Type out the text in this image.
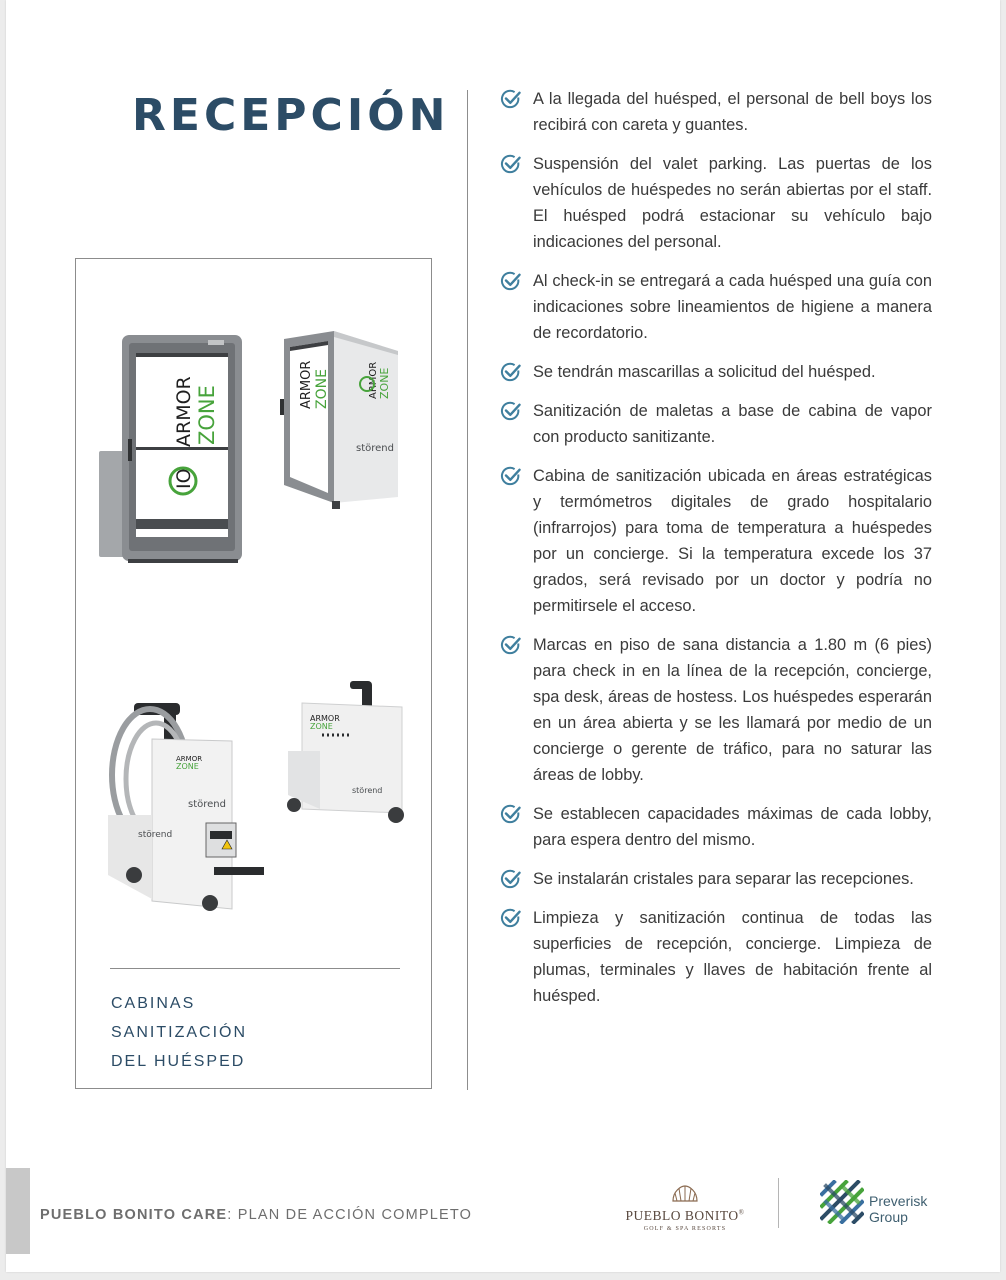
RECEPCIÓN
ARMOR ZONE
IO
ARMOR ZONE	ARMOR ZONE
störend
störend
störend
ARMOR
ZONE
ARMOR
ZONE
störend
CABINAS
SANITIZACIÓN
DEL HUÉSPED
A la llegada del huésped, el personal de bell boys los recibirá con careta y guantes.
Suspensión del valet parking. Las puertas de los vehículos de huéspedes no serán abiertas por el staff. El huésped podrá estacionar su vehículo bajo indicaciones del personal.
Al check-in se entregará a cada huésped una guía con indicaciones sobre lineamientos de higiene a manera de recordatorio.
Se tendrán mascarillas a solicitud del huésped.
Sanitización de maletas a base de cabina de vapor con producto sanitizante.
Cabina de sanitización ubicada en áreas estratégicas y termómetros digitales de grado hospitalario (infrarrojos) para toma de temperatura a huéspedes por un concierge. Si la temperatura excede los 37 grados, será revisado por un doctor y podría no permitirsele el acceso.
Marcas en piso de sana distancia a 1.80 m (6 pies) para check in en la línea de la recepción, concierge, spa desk, áreas de hostess. Los huéspedes esperarán en un área abierta y se les llamará por medio de un concierge o gerente de tráfico, para no saturar las áreas de lobby.
Se establecen capacidades máximas de cada lobby, para espera dentro del mismo.
Se instalarán cristales para separar las recepciones.
Limpieza y sanitización continua de todas las superficies de recepción, concierge. Limpieza de plumas, terminales y llaves de habitación frente al huésped.
PUEBLO BONITO CARE: PLAN DE ACCIÓN COMPLETO	PUEBLO BONITO®
GOLF & SPA RESORTS
Preverisk
Group
